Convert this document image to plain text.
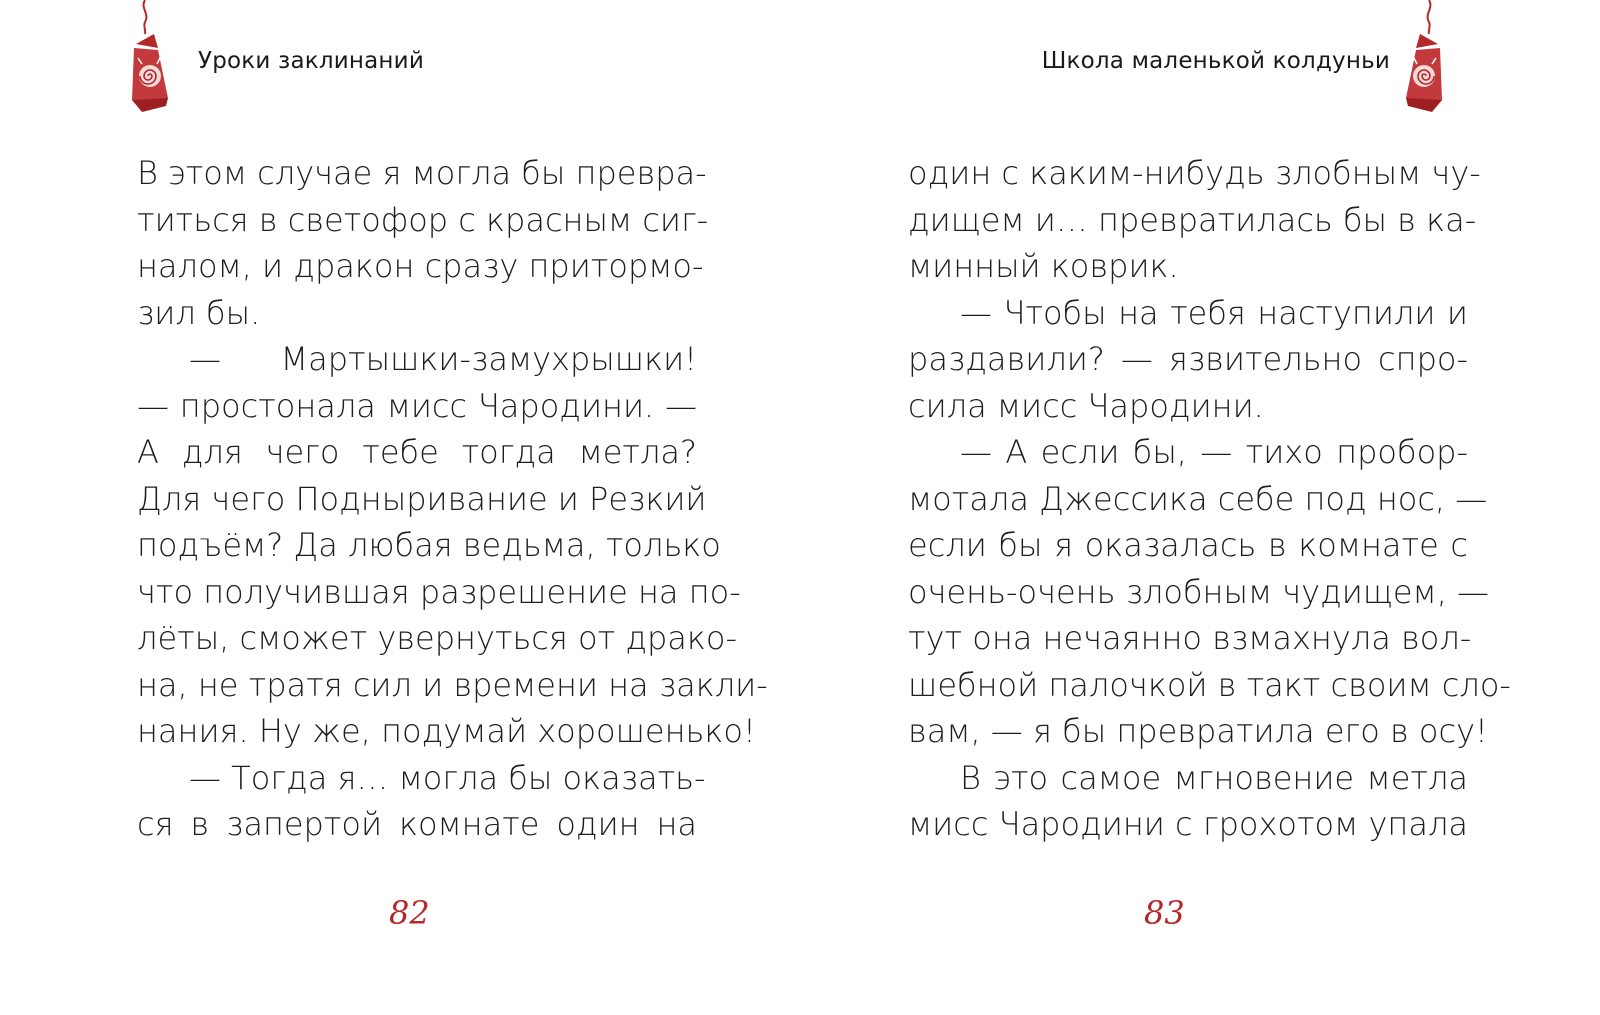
Уроки заклинаний
В этом случае я могла бы превра-
титься в светофор с красным сиг-
налом, и дракон сразу притормо-
зил бы.
— Мартышки-замухрышки!
— простонала мисс Чародини. —
А для чего тебе тогда метла?
Для чего Подныривание и Резкий
подъём? Да любая ведьма, только
что получившая разрешение на по-
лёты, сможет увернуться от драко-
на, не тратя сил и времени на закли-
нания. Ну же, подумай хорошенько!
— Тогда я… могла бы оказать-
ся в запертой комнате один на
82
Школа маленькой колдуньи
один с каким-нибудь злобным чу-
дищем и… превратилась бы в ка-
минный коврик.
— Чтобы на тебя наступили и
раздавили? — язвительно спро-
сила мисс Чародини.
— А если бы, — тихо пробор-
мотала Джессика себе под нос, —
если бы я оказалась в комнате с
очень-очень злобным чудищем, —
тут она нечаянно взмахнула вол-
шебной палочкой в такт своим сло-
вам, — я бы превратила его в осу!
В это самое мгновение метла
мисс Чародини с грохотом упала
83
